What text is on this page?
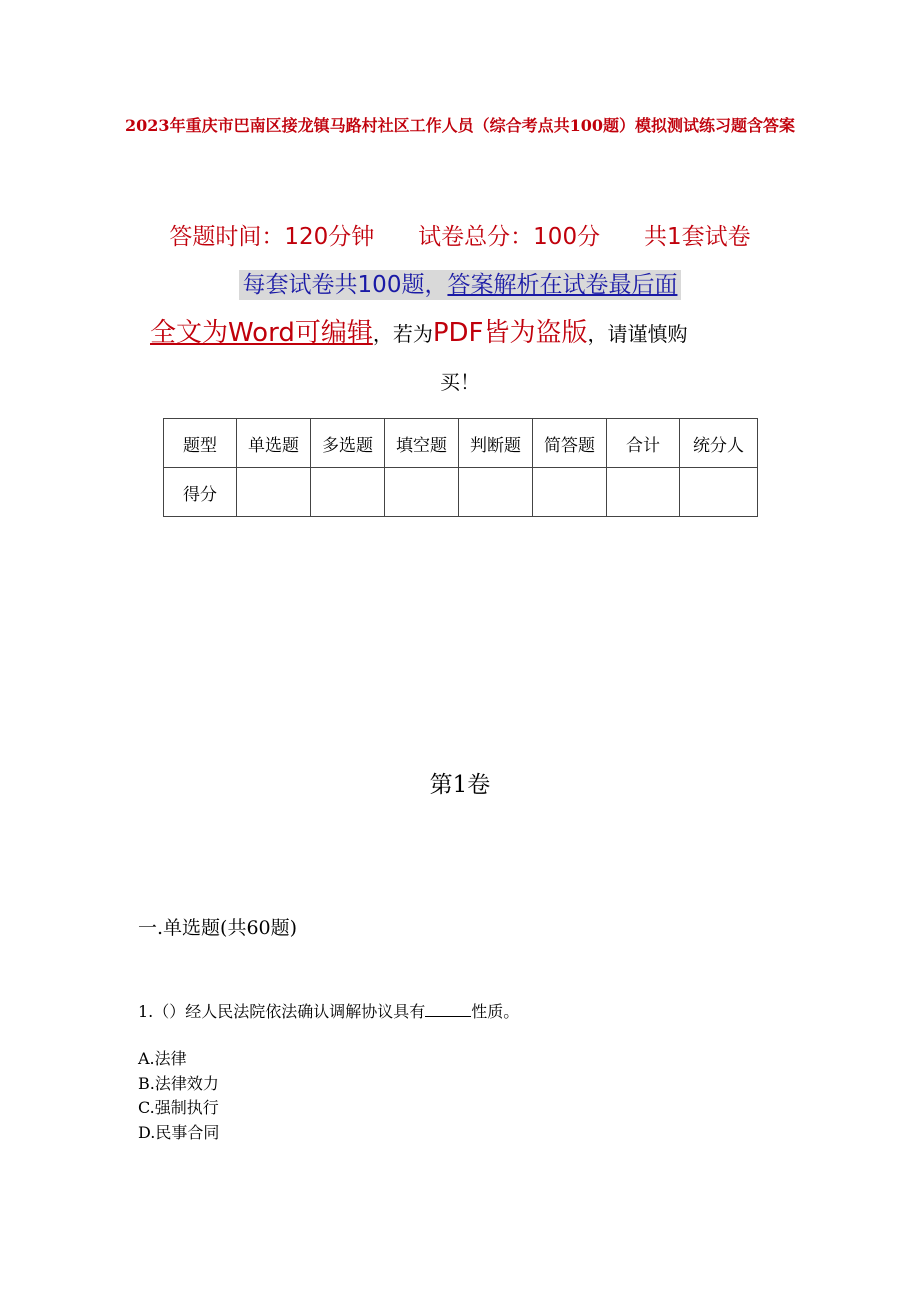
2023年重庆市巴南区接龙镇马路村社区工作人员（综合考点共100题）模拟测试练习题含答案
答题时间：120分钟 试卷总分：100分 共1套试卷
每套试卷共100题，答案解析在试卷最后面
全文为Word可编辑，若为PDF皆为盗版，请谨慎购
买！
题型	单选题	多选题	填空题	判断题	简答题	合计	统分人
得分							
第1卷
一.单选题(共60题)
1.（）经人民法院依法确认调解协议具有	性质。
A.法律
B.法律效力
C.强制执行
D.民事合同
